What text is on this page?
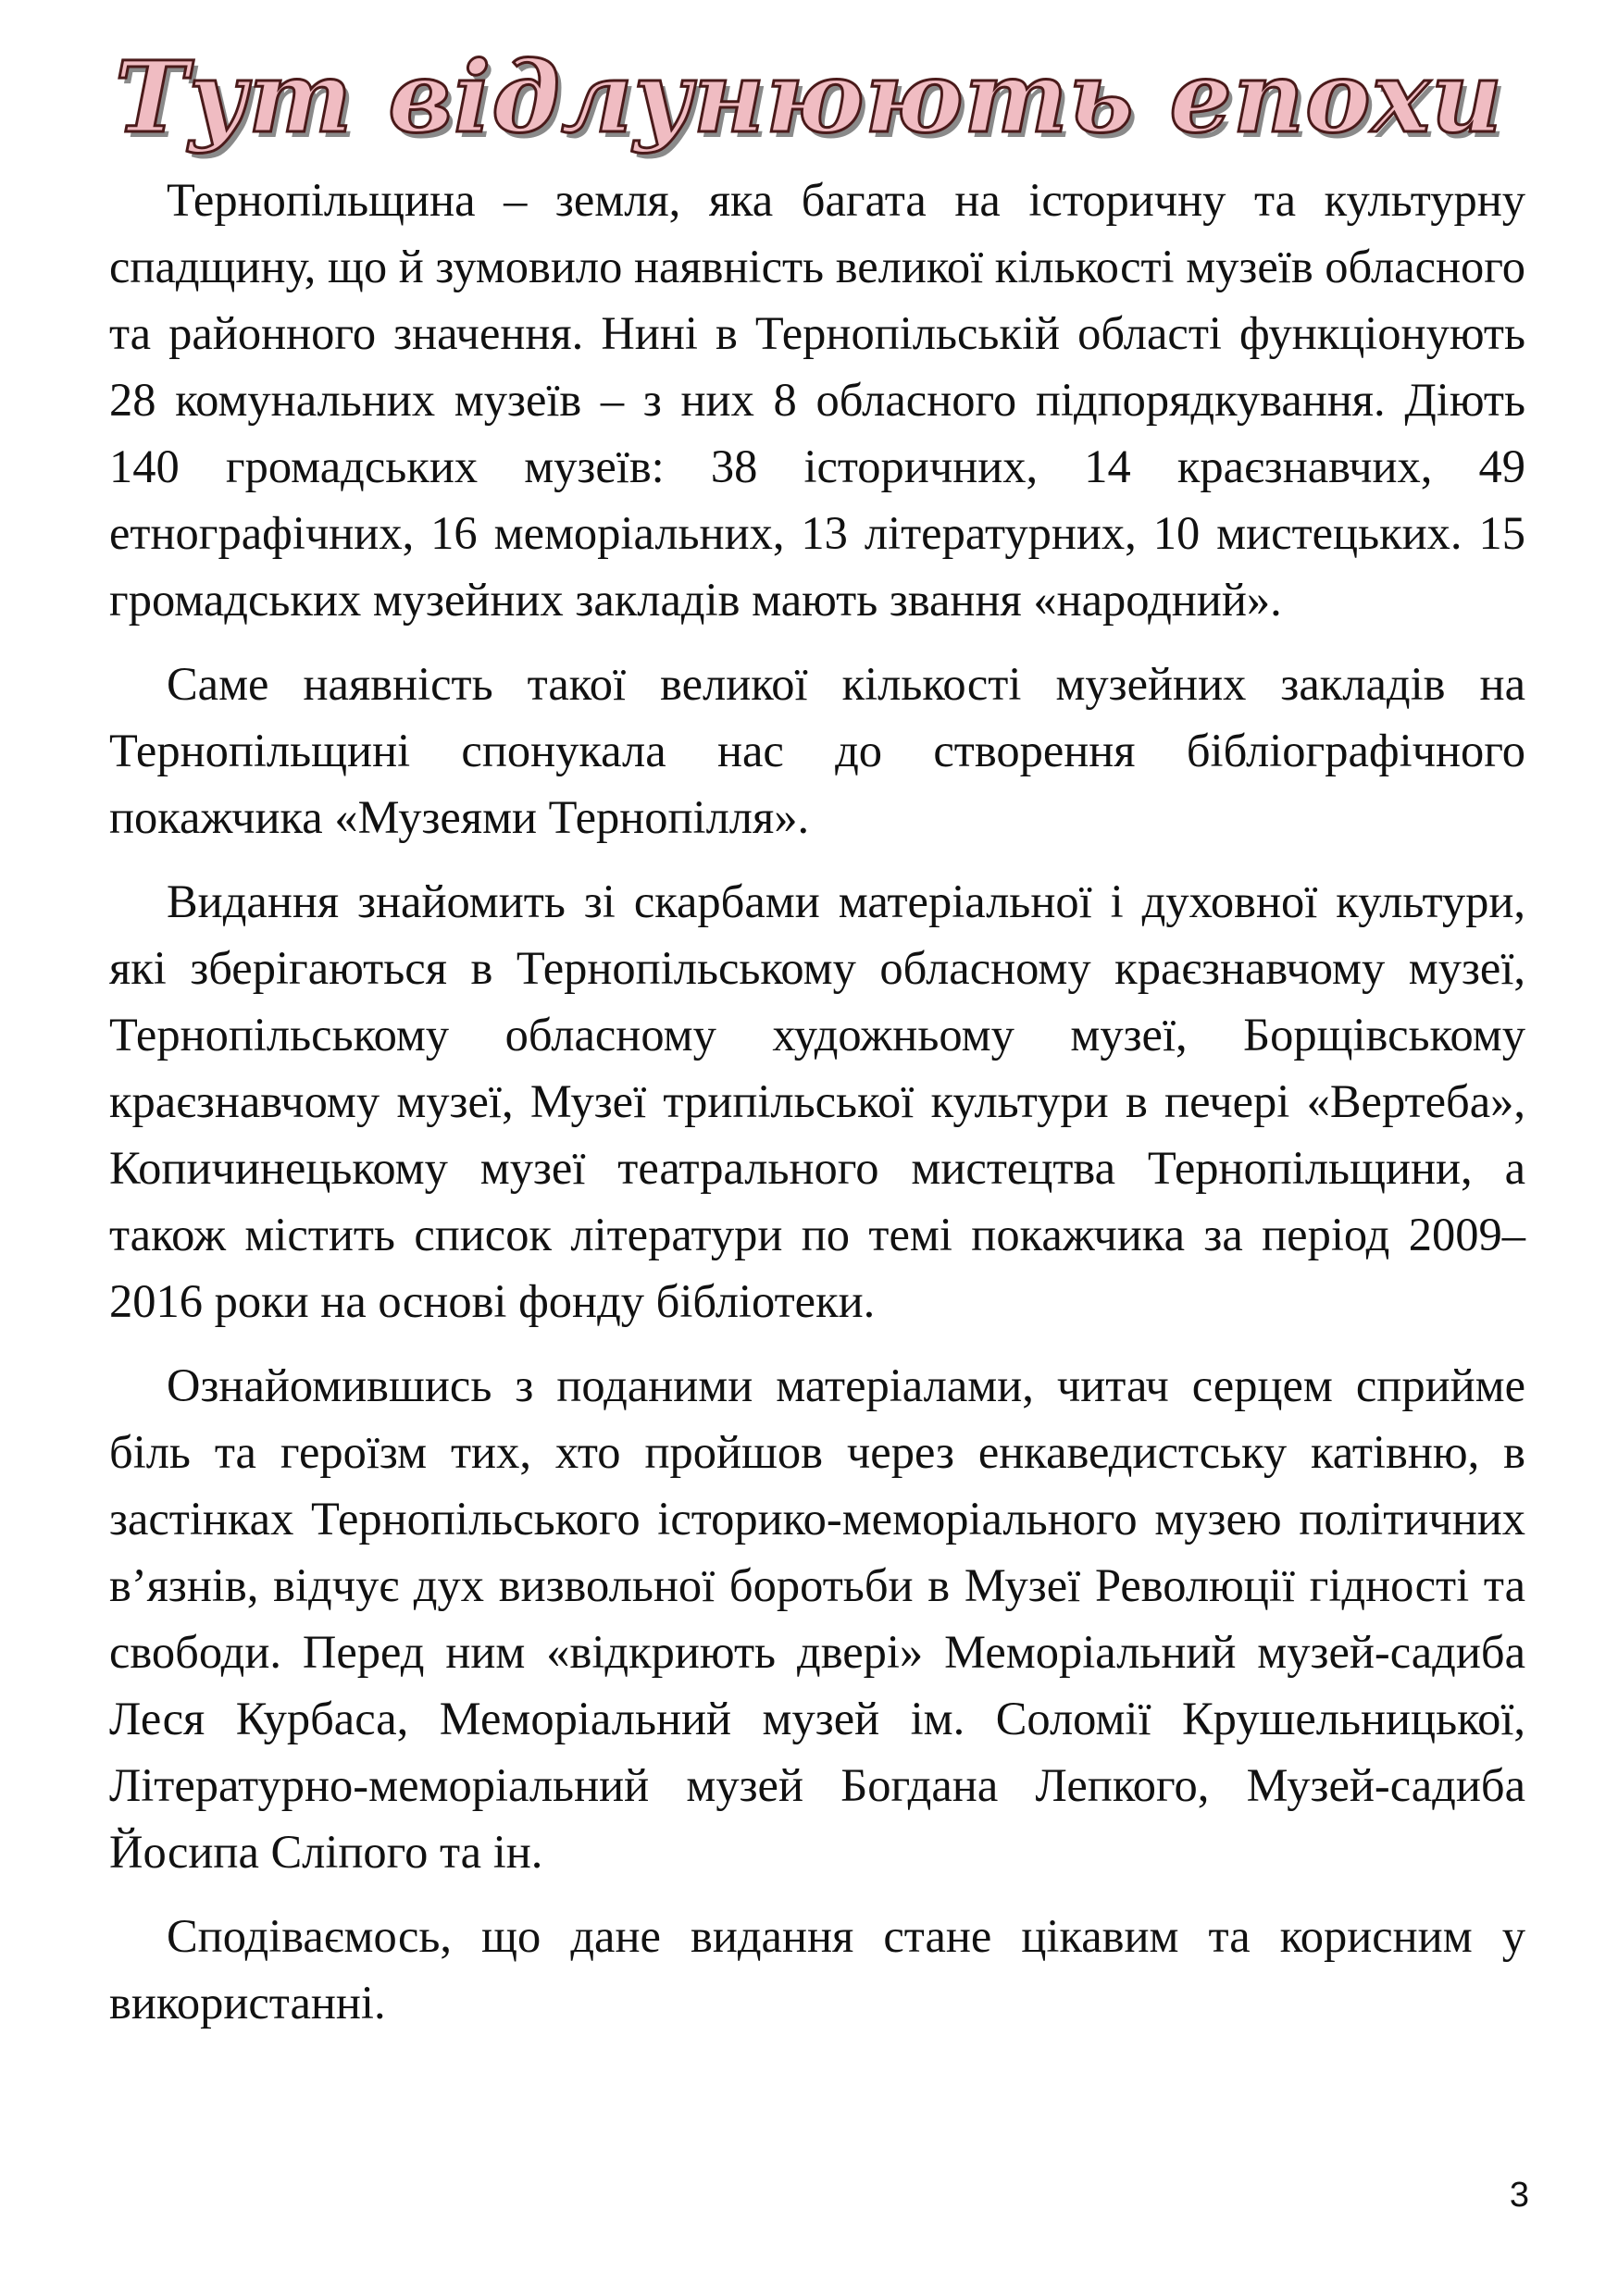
Тут відлунюють епохи

Тернопільщина – земля, яка багата на історичну та культурну спадщину, що й зумовило наявність великої кількості музеїв обласного та районного значення. Нині в Тернопільській області функціонують 28 комунальних музеїв – з них 8 обласного підпорядкування. Діють 140 громадських музеїв: 38 історичних, 14 краєзнавчих, 49 етнографічних, 16 меморіальних, 13 літературних, 10 мистецьких. 15 громадських музейних закладів мають звання «народний».

Саме наявність такої великої кількості музейних закладів на Тернопільщині спонукала нас до створення бібліографічного покажчика «Музеями Тернопілля».

Видання знайомить зі скарбами матеріальної і духовної культури, які зберігаються в Тернопільському обласному краєзнавчому музеї, Тернопільському обласному художньому музеї, Борщівському краєзнавчому музеї, Музеї трипільської культури в печері «Вертеба», Копичинецькому музеї театрального мистецтва Тернопільщини, а також містить список літератури по темі покажчика за період 2009–2016 роки на основі фонду бібліотеки.

Ознайомившись з поданими матеріалами, читач серцем сприйме біль та героїзм тих, хто пройшов через енкаведистську катівню, в застінках Тернопільського історико-меморіального музею політичних в’язнів, відчує дух визвольної боротьби в Музеї Революції гідності та свободи. Перед ним «відкриють двері» Меморіальний музей-садиба Леся Курбаса, Меморіальний музей ім. Соломії Крушельницької, Літературно-меморіальний музей Богдана Лепкого, Музей-садиба Йосипа Сліпого та ін.

Сподіваємось, що дане видання стане цікавим та корисним у використанні.

3
